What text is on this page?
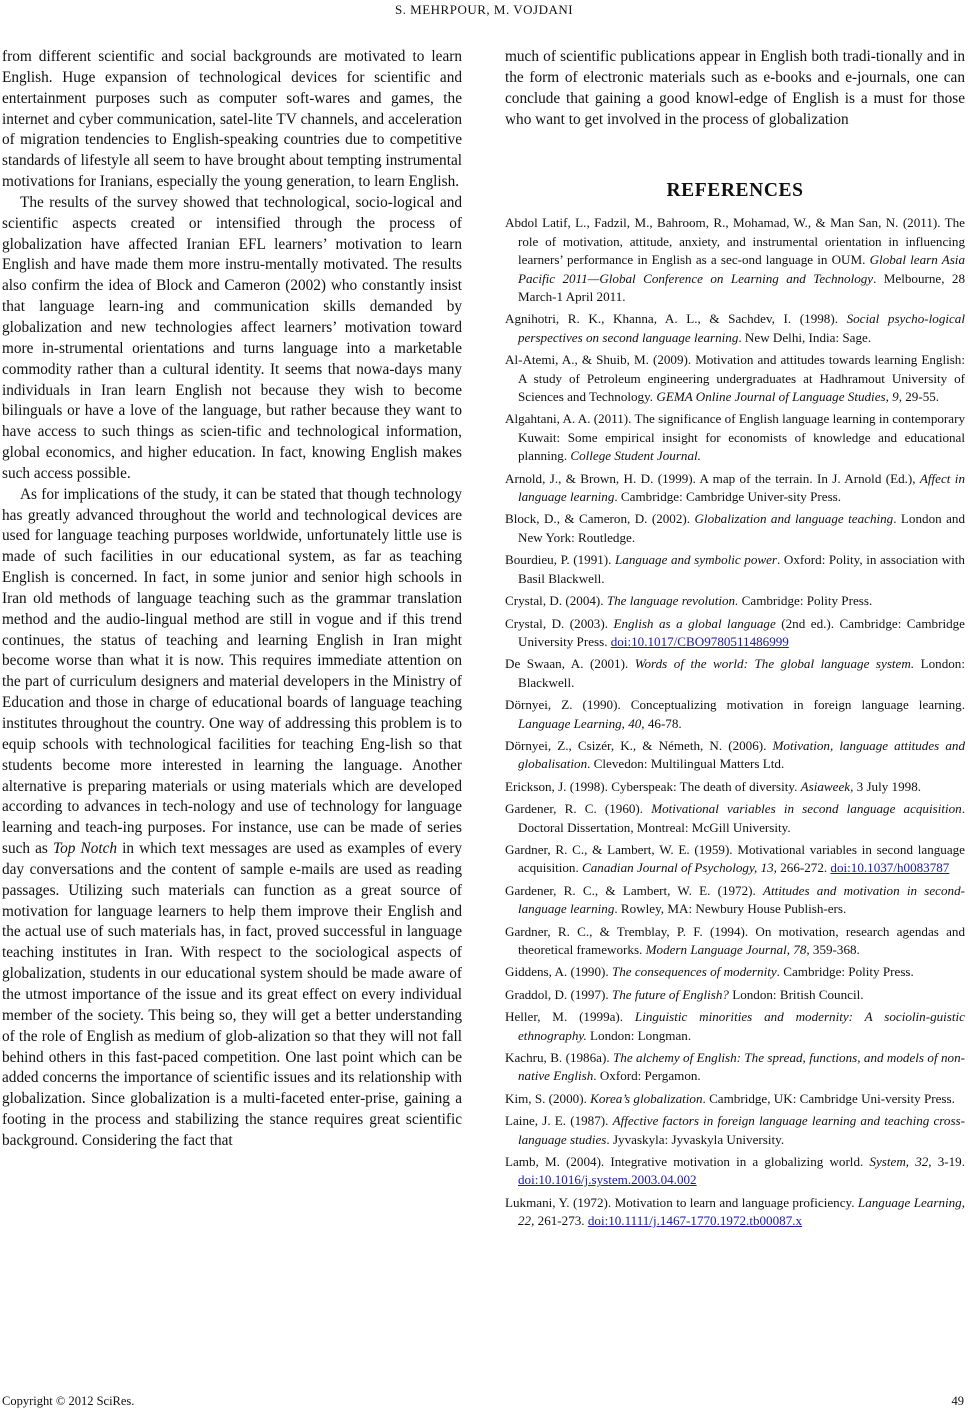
S. MEHRPOUR, M. VOJDANI

from different scientific and social backgrounds are motivated to learn English. Huge expansion of technological devices for scientific and entertainment purposes such as computer soft-wares and games, the internet and cyber communication, satel-lite TV channels, and acceleration of migration tendencies to English-speaking countries due to competitive standards of lifestyle all seem to have brought about tempting instrumental motivations for Iranians, especially the young generation, to learn English.

The results of the survey showed that technological, socio-logical and scientific aspects created or intensified through the process of globalization have affected Iranian EFL learners’ motivation to learn English and have made them more instru-mentally motivated. The results also confirm the idea of Block and Cameron (2002) who constantly insist that language learn-ing and communication skills demanded by globalization and new technologies affect learners’ motivation toward more in-strumental orientations and turns language into a marketable commodity rather than a cultural identity. It seems that nowa-days many individuals in Iran learn English not because they wish to become bilinguals or have a love of the language, but rather because they want to have access to such things as scien-tific and technological information, global economics, and higher education. In fact, knowing English makes such access possible.

As for implications of the study, it can be stated that though technology has greatly advanced throughout the world and technological devices are used for language teaching purposes worldwide, unfortunately little use is made of such facilities in our educational system, as far as teaching English is concerned. In fact, in some junior and senior high schools in Iran old methods of language teaching such as the grammar translation method and the audio-lingual method are still in vogue and if this trend continues, the status of teaching and learning English in Iran might become worse than what it is now. This requires immediate attention on the part of curriculum designers and material developers in the Ministry of Education and those in charge of educational boards of language teaching institutes throughout the country. One way of addressing this problem is to equip schools with technological facilities for teaching Eng-lish so that students become more interested in learning the language. Another alternative is preparing materials or using materials which are developed according to advances in tech-nology and use of technology for language learning and teach-ing purposes. For instance, use can be made of series such as Top Notch in which text messages are used as examples of every day conversations and the content of sample e-mails are used as reading passages. Utilizing such materials can function as a great source of motivation for language learners to help them improve their English and the actual use of such materials has, in fact, proved successful in language teaching institutes in Iran. With respect to the sociological aspects of globalization, students in our educational system should be made aware of the utmost importance of the issue and its great effect on every individual member of the society. This being so, they will get a better understanding of the role of English as medium of glob-alization so that they will not fall behind others in this fast-paced competition. One last point which can be added concerns the importance of scientific issues and its relationship with globalization. Since globalization is a multi-faceted enter-prise, gaining a footing in the process and stabilizing the stance requires great scientific background. Considering the fact that

much of scientific publications appear in English both tradi-tionally and in the form of electronic materials such as e-books and e-journals, one can conclude that gaining a good knowl-edge of English is a must for those who want to get involved in the process of globalization

REFERENCES

Abdol Latif, L., Fadzil, M., Bahroom, R., Mohamad, W., & Man San, N. (2011). The role of motivation, attitude, anxiety, and instrumental orientation in influencing learners’ performance in English as a sec-ond language in OUM. Global learn Asia Pacific 2011—Global Conference on Learning and Technology. Melbourne, 28 March-1 April 2011.

Agnihotri, R. K., Khanna, A. L., & Sachdev, I. (1998). Social psycho-logical perspectives on second language learning. New Delhi, India: Sage.

Al-Atemi, A., & Shuib, M. (2009). Motivation and attitudes towards learning English: A study of Petroleum engineering undergraduates at Hadhramout University of Sciences and Technology. GEMA Online Journal of Language Studies, 9, 29-55.

Algahtani, A. A. (2011). The significance of English language learning in contemporary Kuwait: Some empirical insight for economists of knowledge and educational planning. College Student Journal.

Arnold, J., & Brown, H. D. (1999). A map of the terrain. In J. Arnold (Ed.), Affect in language learning. Cambridge: Cambridge Univer-sity Press.

Block, D., & Cameron, D. (2002). Globalization and language teaching. London and New York: Routledge.

Bourdieu, P. (1991). Language and symbolic power. Oxford: Polity, in association with Basil Blackwell.

Crystal, D. (2004). The language revolution. Cambridge: Polity Press.

Crystal, D. (2003). English as a global language (2nd ed.). Cambridge: Cambridge University Press. doi:10.1017/CBO9780511486999

De Swaan, A. (2001). Words of the world: The global language system. London: Blackwell.

Dörnyei, Z. (1990). Conceptualizing motivation in foreign language learning. Language Learning, 40, 46-78.

Dörnyei, Z., Csizér, K., & Németh, N. (2006). Motivation, language attitudes and globalisation. Clevedon: Multilingual Matters Ltd.

Erickson, J. (1998). Cyberspeak: The death of diversity. Asiaweek, 3 July 1998.

Gardener, R. C. (1960). Motivational variables in second language acquisition. Doctoral Dissertation, Montreal: McGill University.

Gardner, R. C., & Lambert, W. E. (1959). Motivational variables in second language acquisition. Canadian Journal of Psychology, 13, 266-272. doi:10.1037/h0083787

Gardener, R. C., & Lambert, W. E. (1972). Attitudes and motivation in second-language learning. Rowley, MA: Newbury House Publish-ers.

Gardner, R. C., & Tremblay, P. F. (1994). On motivation, research agendas and theoretical frameworks. Modern Language Journal, 78, 359-368.

Giddens, A. (1990). The consequences of modernity. Cambridge: Polity Press.

Graddol, D. (1997). The future of English? London: British Council.

Heller, M. (1999a). Linguistic minorities and modernity: A sociolin-guistic ethnography. London: Longman.

Kachru, B. (1986a). The alchemy of English: The spread, functions, and models of non-native English. Oxford: Pergamon.

Kim, S. (2000). Korea’s globalization. Cambridge, UK: Cambridge Uni-versity Press.

Laine, J. E. (1987). Affective factors in foreign language learning and teaching cross-language studies. Jyvaskyla: Jyvaskyla University.

Lamb, M. (2004). Integrative motivation in a globalizing world. System, 32, 3-19. doi:10.1016/j.system.2003.04.002

Lukmani, Y. (1972). Motivation to learn and language proficiency. Language Learning, 22, 261-273. doi:10.1111/j.1467-1770.1972.tb00087.x

Copyright © 2012 SciRes.	49
